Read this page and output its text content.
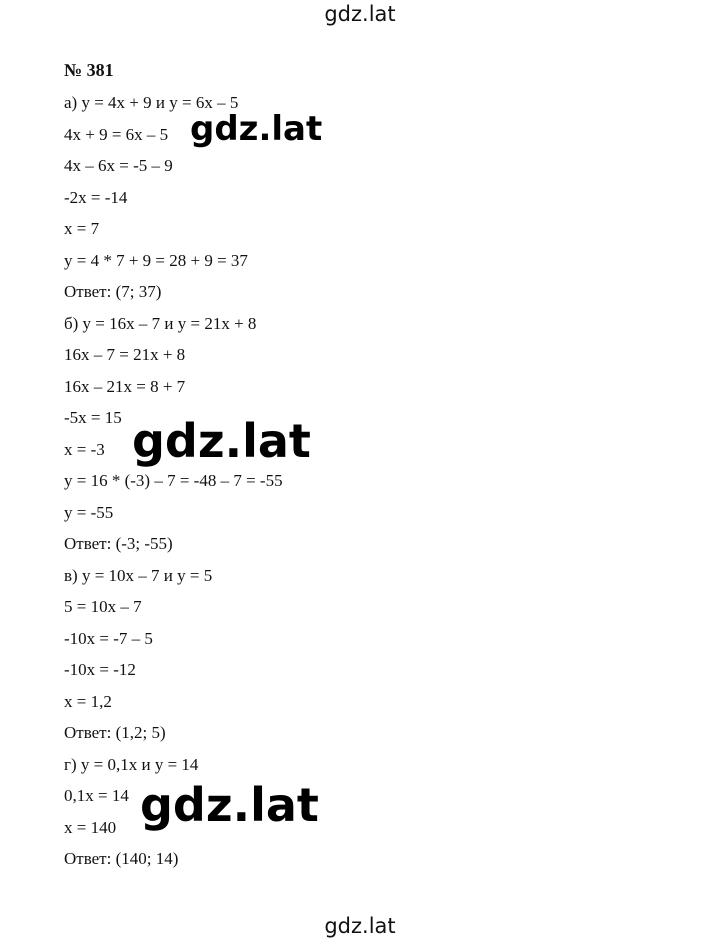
gdz.lat
№ 381
а) y = 4x + 9 и y = 6x – 5
4x + 9 = 6x – 5
4x – 6x = -5 – 9
-2x = -14
x = 7
y = 4 * 7 + 9 = 28 + 9 = 37
Ответ: (7; 37)
б) y = 16x – 7 и y = 21x + 8
16x – 7 = 21x + 8
16x – 21x = 8 + 7
-5x = 15
x = -3
y = 16 * (-3) – 7 = -48 – 7 = -55
y = -55
Ответ: (-3; -55)
в) y = 10x – 7 и y = 5
5 = 10x – 7
-10x = -7 – 5
-10x = -12
x = 1,2
Ответ: (1,2; 5)
г) y = 0,1x и y = 14
0,1x = 14
x = 140
Ответ: (140; 14)
gdz.lat
gdz.lat
gdz.lat
gdz.lat
